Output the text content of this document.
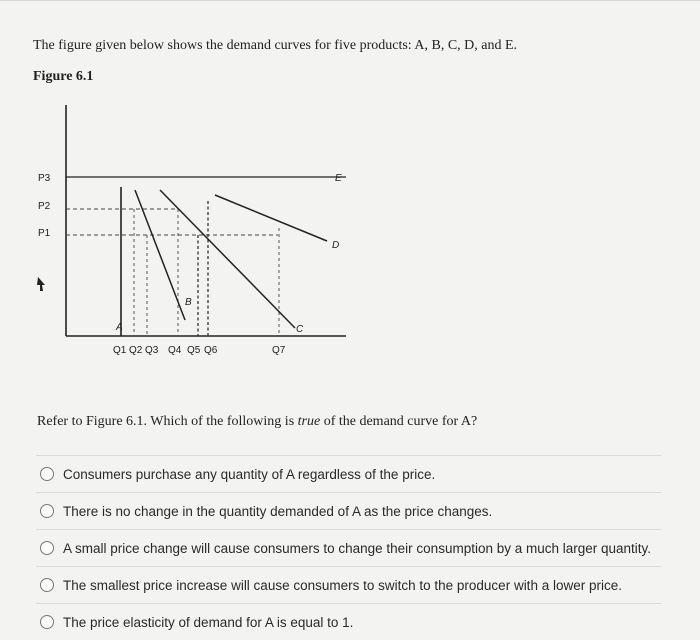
The figure given below shows the demand curves for five products: A, B, C, D, and E.
Figure 6.1
P3
P2
P1
E
A
B
C
D
Q1 Q2 Q3 Q4 Q5 Q6	Q7
Refer to Figure 6.1. Which of the following is true of the demand curve for A?
Consumers purchase any quantity of A regardless of the price.
There is no change in the quantity demanded of A as the price changes.
A small price change will cause consumers to change their consumption by a much larger quantity.
The smallest price increase will cause consumers to switch to the producer with a lower price.
The price elasticity of demand for A is equal to 1.
